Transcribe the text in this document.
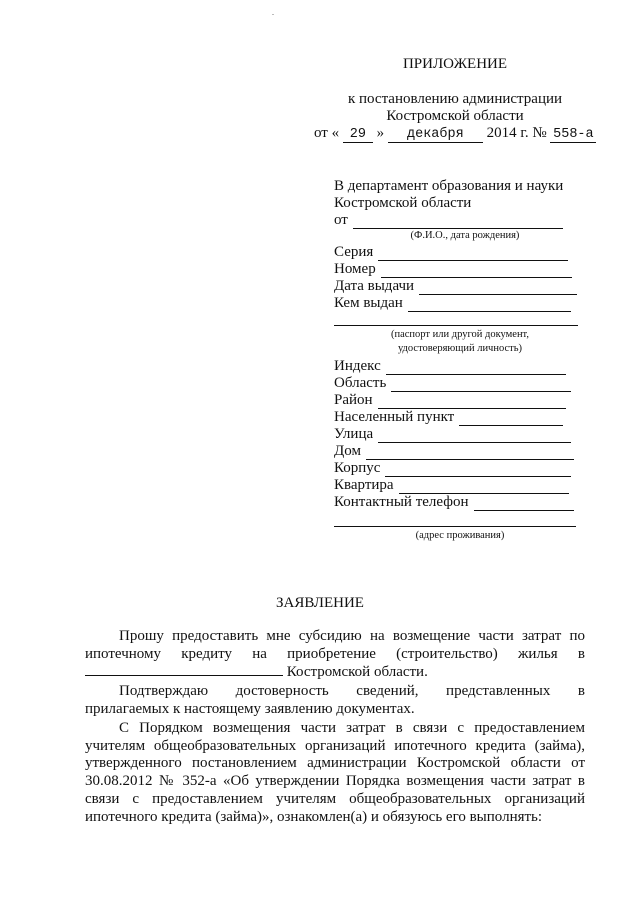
ПРИЛОЖЕНИЕ
к постановлению администрации
Костромской области
от « 29 » декабря 2014 г. № 558-а
В департамент образования и науки
Костромской области
от
(Ф.И.О., дата рождения)
Серия
Номер
Дата выдачи
Кем выдан
(паспорт или другой документ,
удостоверяющий личность)
Индекс
Область
Район
Населенный пункт
Улица
Дом
Корпус
Квартира
Контактный телефон
(адрес проживания)
ЗАЯВЛЕНИЕ
Прошу предоставить мне субсидию на возмещение части затрат по
ипотечному кредиту на приобретение (строительство) жилья в
Костромской области.
Подтверждаю достоверность сведений, представленных в
прилагаемых к настоящему заявлению документах.
С Порядком возмещения части затрат в связи с предоставлением учителям общеобразовательных организаций ипотечного кредита (займа), утвержденного постановлением администрации Костромской области от 30.08.2012 № 352-а «Об утверждении Порядка возмещения части затрат в связи с предоставлением учителям общеобразовательных организаций ипотечного кредита (займа)», ознакомлен(а) и обязуюсь его выполнять:
